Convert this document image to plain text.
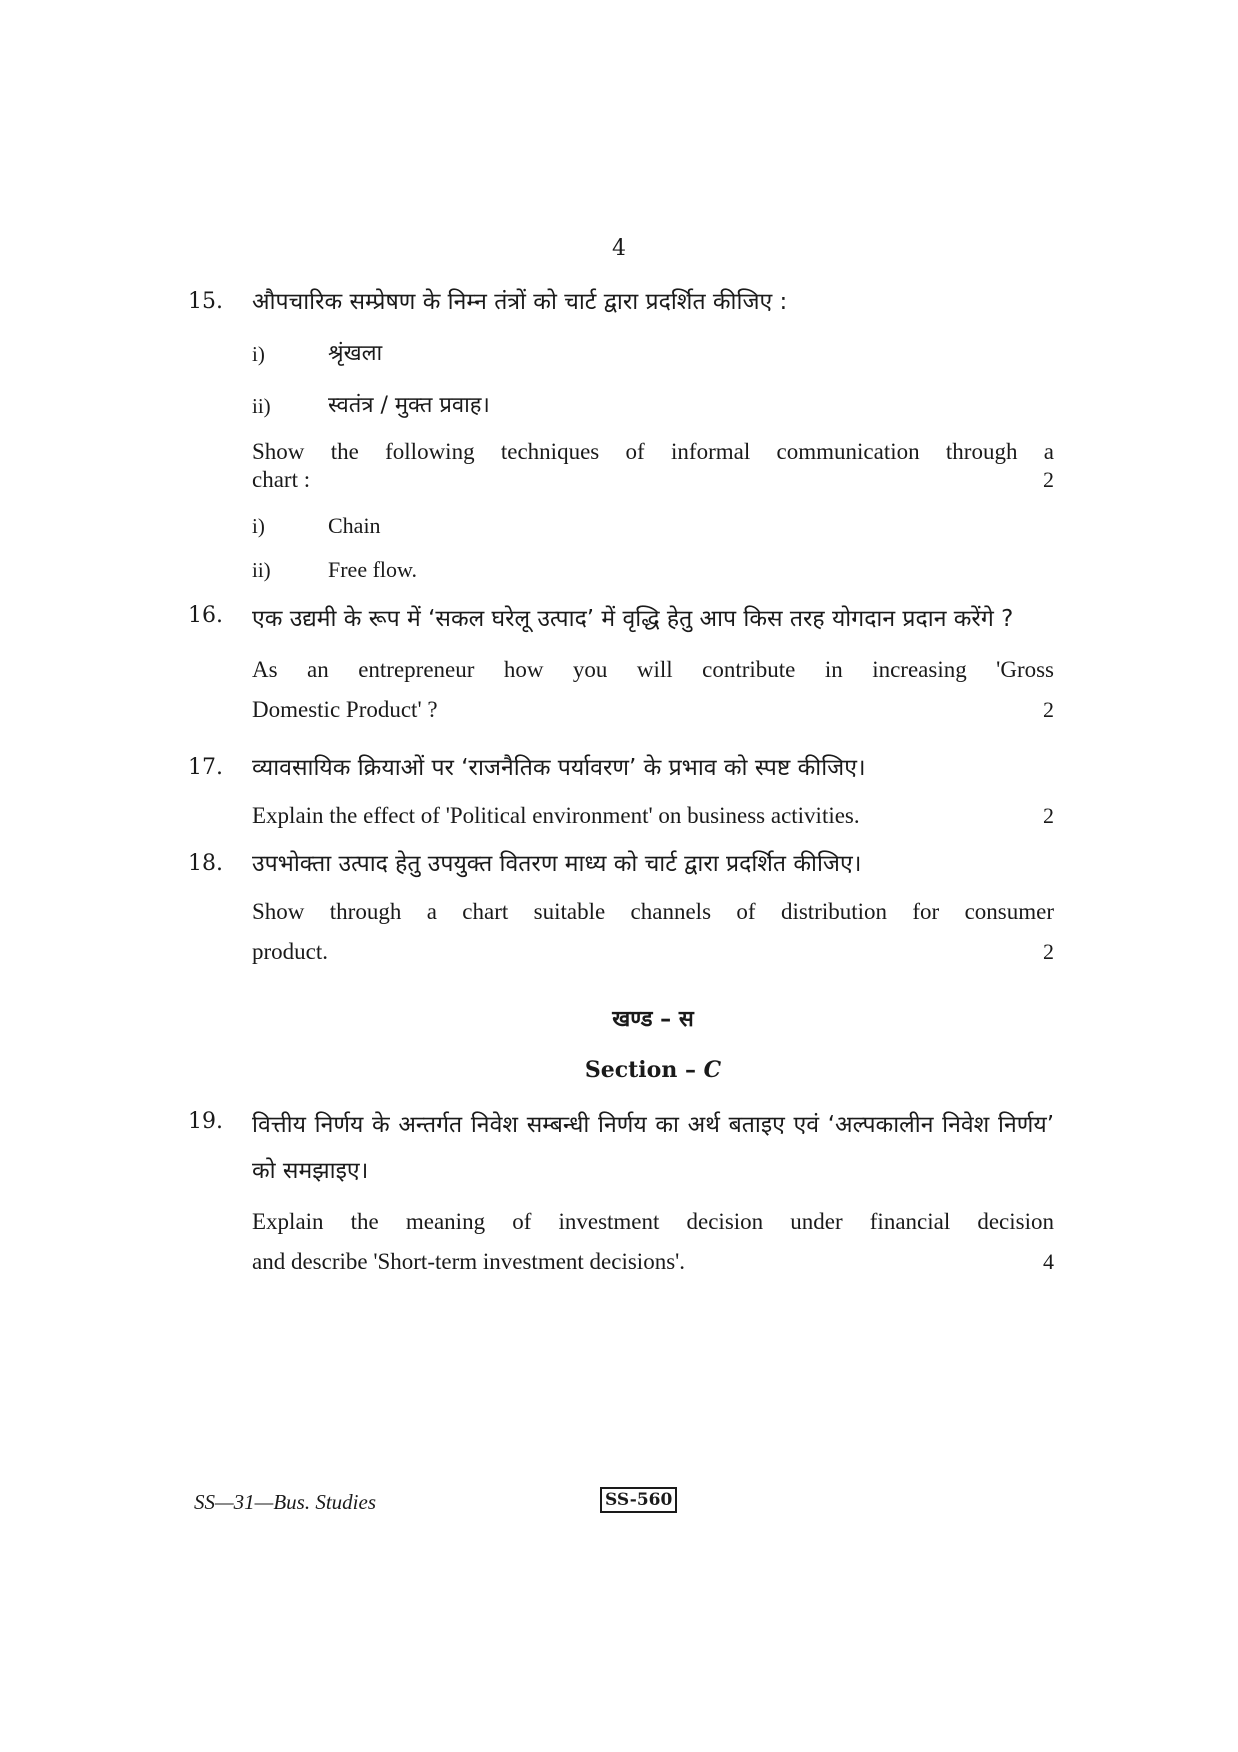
4
15. औपचारिक सम्प्रेषण के निम्न तंत्रों को चार्ट द्वारा प्रदर्शित कीजिए :
i)	श्रृंखला
ii)	स्वतंत्र / मुक्त प्रवाह।
Show the following techniques of informal communication through a
chart :	2
i)	Chain
ii)	Free flow.
16. एक उद्यमी के रूप में ‘सकल घरेलू उत्पाद’ में वृद्धि हेतु आप किस तरह योगदान प्रदान करेंगे ?
As an entrepreneur how you will contribute in increasing 'Gross
Domestic Product' ?	2
17. व्यावसायिक क्रियाओं पर ‘राजनैतिक पर्यावरण’ के प्रभाव को स्पष्ट कीजिए।
Explain the effect of 'Political environment' on business activities.	2
18. उपभोक्ता उत्पाद हेतु उपयुक्त वितरण माध्य को चार्ट द्वारा प्रदर्शित कीजिए।
Show through a chart suitable channels of distribution for consumer
product.	2
खण्ड – स
Section – C
19. वित्तीय निर्णय के अन्तर्गत निवेश सम्बन्धी निर्णय का अर्थ बताइए एवं ‘अल्पकालीन निवेश निर्णय’ को समझाइए।
Explain the meaning of investment decision under financial decision
and describe 'Short-term investment decisions'.	4
SS—31—Bus. Studies	SS-560
